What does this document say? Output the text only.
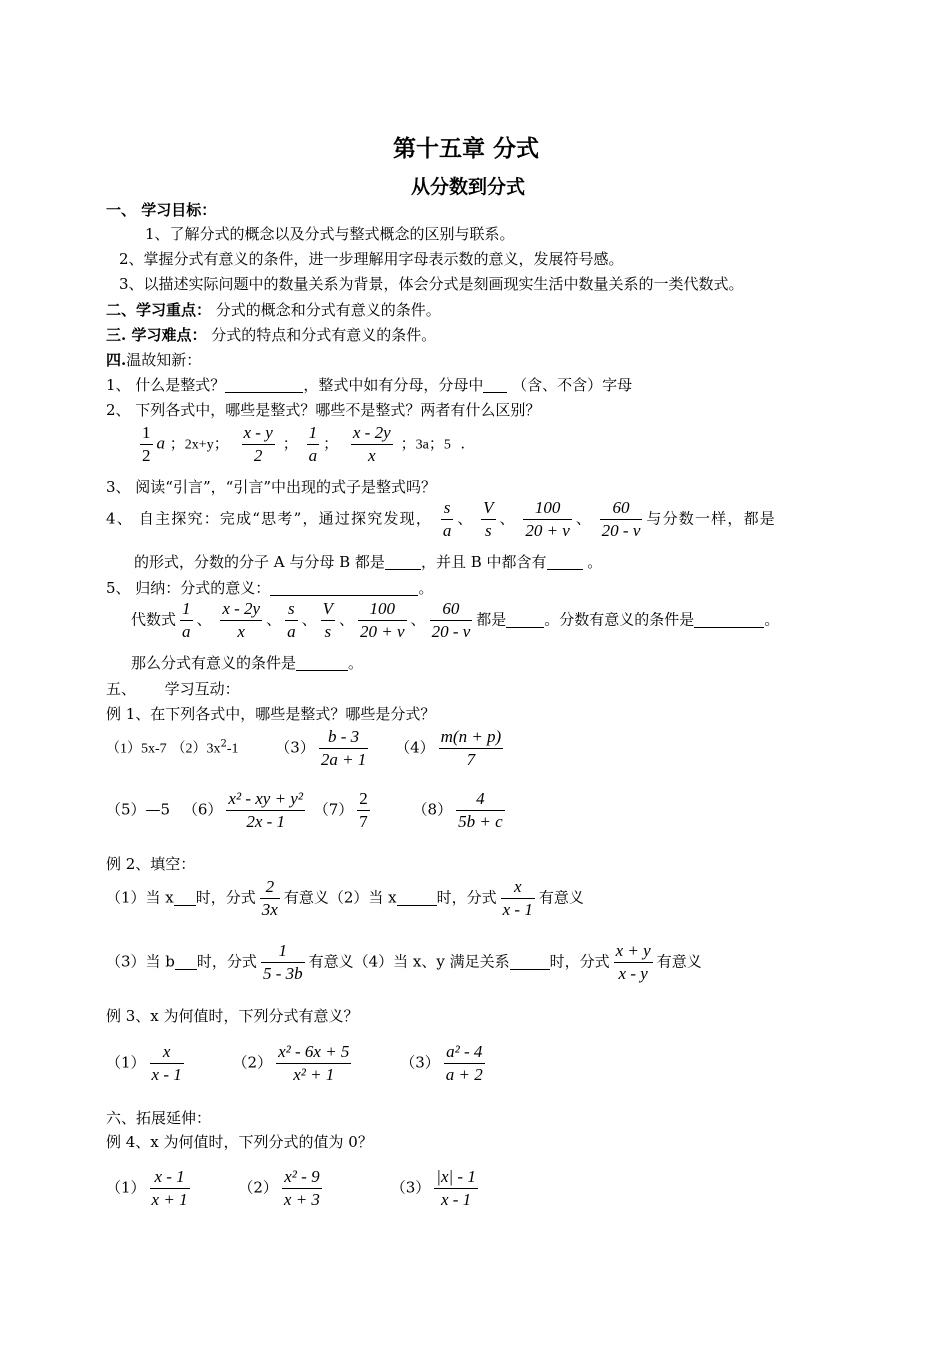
第十五章 分式
从分数到分式
一、 学习目标：
1、了解分式的概念以及分式与整式概念的区别与联系。
2、掌握分式有意义的条件，进一步理解用字母表示数的意义，发展符号感。
3、以描述实际问题中的数量关系为背景，体会分式是刻画现实生活中数量关系的一类代数式。
二、学习重点： 分式的概念和分式有意义的条件。
三. 学习难点： 分式的特点和分式有意义的条件。
四.温故知新：
1、 什么是整式？	，整式中如有分母，分母中 （含、不含）字母
2、 下列各式中，哪些是整式？哪些不是整式？两者有什么区别？
$\frac{1}{2}$ a ；2x+y； $\frac{x - y}{2}$ ； $\frac{1}{a}$ ； $\frac{x - 2y}{x}$ ；3a；5 .
3、 阅读“引言”，“引言”中出现的式子是整式吗？
4、 自主探究：完成“思考”，通过探究发现， $\frac{s}{a}$ 、 $\frac{V}{s}$ 、 $\frac{100}{20 + v}$ 、 $\frac{60}{20 - v}$ 与分数一样，都是
的形式，分数的分子 A 与分母 B 都是 ，并且 B 中都含有	。
5、 归纳：分式的意义：	。
代数式 $\frac{1}{a}$ 、 $\frac{x - 2y}{x}$ 、 $\frac{s}{a}$ 、 $\frac{V}{s}$ 、 $\frac{100}{20 + v}$ 、 $\frac{60}{20 - v}$ 都是	。分数有意义的条件是	。
那么分式有意义的条件是	。
五、      学习互动：
例 1、在下列各式中，哪些是整式？哪些是分式？
（1）5x-7 $(2)3x^2-1$ $(3) \frac{b - 3}{2a + 1} (4) \frac{m(n + p)}{7}$
（5）—5 $(6) \frac{\text{x² - xy + y²}}{2x - 1} (7) \frac{2}{7}$	$(8) \frac{4}{5b + c}$
例 2、填空：
（1）当 x 时，分式 $\frac{2}{3x}$ 有意义（2）当 x	时，分式 $\frac{x}{x - 1}$ 有意义
（3）当 b 时，分式 $\frac{1}{5 - 3b}$ 有意义（4）当 x、y 满足关系	时，分式 $\frac{x + y}{x - y}$ 有意义
例 3、x 为何值时，下列分式有意义？
$(1) \frac{x}{x - 1}$	$(2) \frac{\text{x² - 6x + 5}}{\text{x² + 1}}$	$(3) \frac{\text{a² - 4}}{a + 2}$
六、拓展延伸：
例 4、x 为何值时，下列分式的值为 0？
$(1) \frac{x - 1}{x + 1}$	$(2) \frac{\text{x² - 9}}{x + 3}$	$(3) \frac{|x| - 1}{x - 1}$
